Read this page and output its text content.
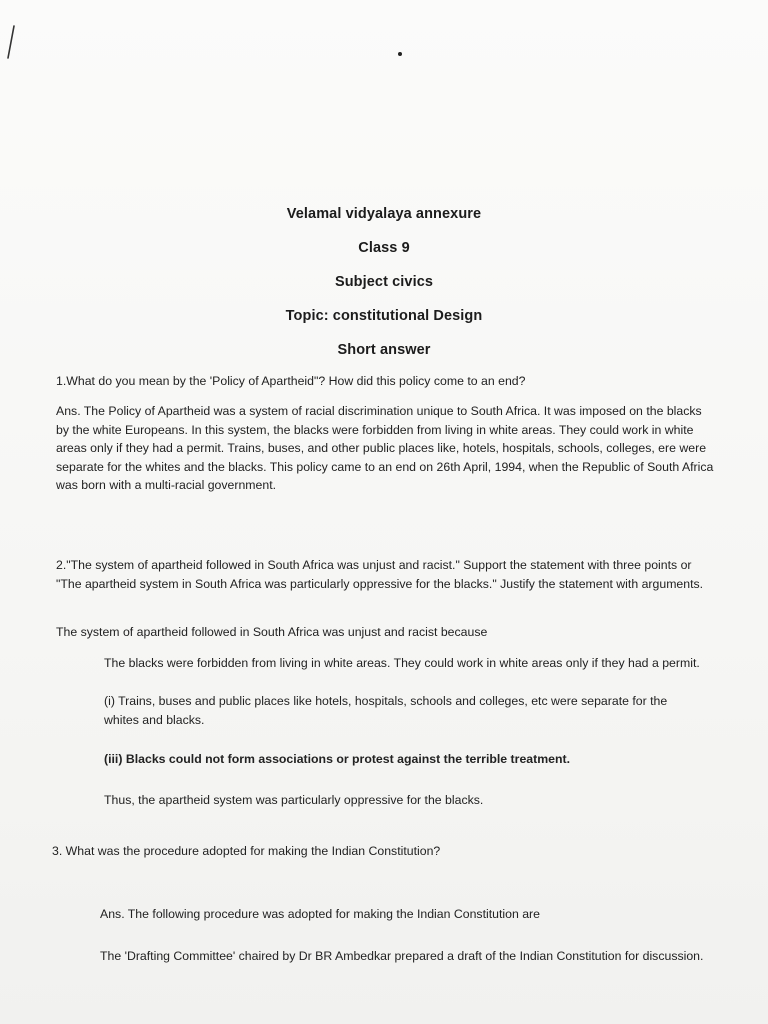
Velamal vidyalaya annexure
Class 9
Subject civics
Topic: constitutional Design
Short answer
1.What do you mean by the 'Policy of Apartheid"? How did this policy come to an end?
Ans. The Policy of Apartheid was a system of racial discrimination unique to South Africa. It was imposed on the blacks by the white Europeans. In this system, the blacks were forbidden from living in white areas. They could work in white areas only if they had a permit. Trains, buses, and other public places like, hotels, hospitals, schools, colleges, ere were separate for the whites and the blacks. This policy came to an end on 26th April, 1994, when the Republic of South Africa was born with a multi-racial government.
2."The system of apartheid followed in South Africa was unjust and racist." Support the statement with three points or "The apartheid system in South Africa was particularly oppressive for the blacks." Justify the statement with arguments.
The system of apartheid followed in South Africa was unjust and racist because
The blacks were forbidden from living in white areas. They could work in white areas only if they had a permit.
(i) Trains, buses and public places like hotels, hospitals, schools and colleges, etc were separate for the whites and blacks.
(iii) Blacks could not form associations or protest against the terrible treatment.
Thus, the apartheid system was particularly oppressive for the blacks.
3. What was the procedure adopted for making the Indian Constitution?
Ans. The following procedure was adopted for making the Indian Constitution are
The 'Drafting Committee' chaired by Dr BR Ambedkar prepared a draft of the Indian Constitution for discussion.
